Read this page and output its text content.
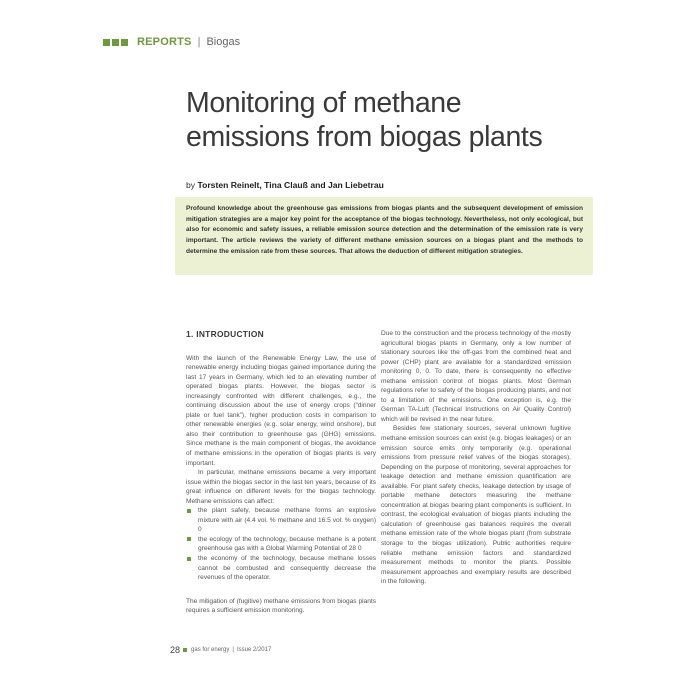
REPORTS | Biogas
Monitoring of methane
emissions from biogas plants
by Torsten Reinelt, Tina Clauß and Jan Liebetrau
Profound knowledge about the greenhouse gas emissions from biogas plants and the subsequent development of emission mitigation strategies are a major key point for the acceptance of the biogas technology. Nevertheless, not only ecological, but also for economic and safety issues, a reliable emission source detection and the determination of the emission rate is very important. The article reviews the variety of different methane emission sources on a biogas plant and the methods to determine the emission rate from these sources. That allows the deduction of different mitigation strategies.
1. INTRODUCTION

With the launch of the Renewable Energy Law, the use of renewable energy including biogas gained importance during the last 17 years in Germany, which led to an elevating number of operated biogas plants. However, the biogas sector is increasingly confronted with different challenges, e.g., the continuing discussion about the use of energy crops (“dinner plate or fuel tank”), higher production costs in comparison to other renewable energies (e.g. solar energy, wind onshore), but also their contribution to greenhouse gas (GHG) emissions. Since methane is the main component of biogas, the avoidance of methane emissions in the operation of biogas plants is very important.

In particular, methane emissions became a very important issue within the biogas sector in the last ten years, because of its great influence on different levels for the biogas technology. Methane emissions can affect:

the plant safety, because methane forms an explosive mixture with air (4.4 vol. % methane and 16.5 vol. % oxygen) 0
the ecology of the technology, because methane is a potent greenhouse gas with a Global Warming Potential of 28 0
the economy of the technology, because methane losses cannot be combusted and consequently decrease the revenues of the operator.

The mitigation of (fugitive) methane emissions from biogas plants requires a sufficient emission monitoring.

Due to the construction and the process technology of the mostly agricultural biogas plants in Germany, only a low number of stationary sources like the off-gas from the combined heat and power (CHP) plant are available for a standardized emission monitoring 0, 0. To date, there is consequently no effective methane emission control of biogas plants. Most German regulations refer to safety of the biogas producing plants, and not to a limitation of the emissions. One exception is, e.g. the German TA-Luft (Technical Instructions on Air Quality Control) which will be revised in the near future.

Besides few stationary sources, several unknown fugitive methane emission sources can exist (e.g. biogas leakages) or an emission source emits only temporarily (e.g. operational emissions from pressure relief valves of the biogas storages). Depending on the purpose of monitoring, several approaches for leakage detection and methane emission quantification are available. For plant safety checks, leakage detection by usage of portable methane detectors measuring the methane concentration at biogas bearing plant components is sufficient. In contrast, the ecological evaluation of biogas plants including the calculation of greenhouse gas balances requires the overall methane emission rate of the whole biogas plant (from substrate storage to the biogas utilization). Public authorities require reliable methane emission factors and standardized measurement methods to monitor the plants. Possible measurement approaches and exemplary results are described in the following.

28 gas for energy | Issue 2/2017
